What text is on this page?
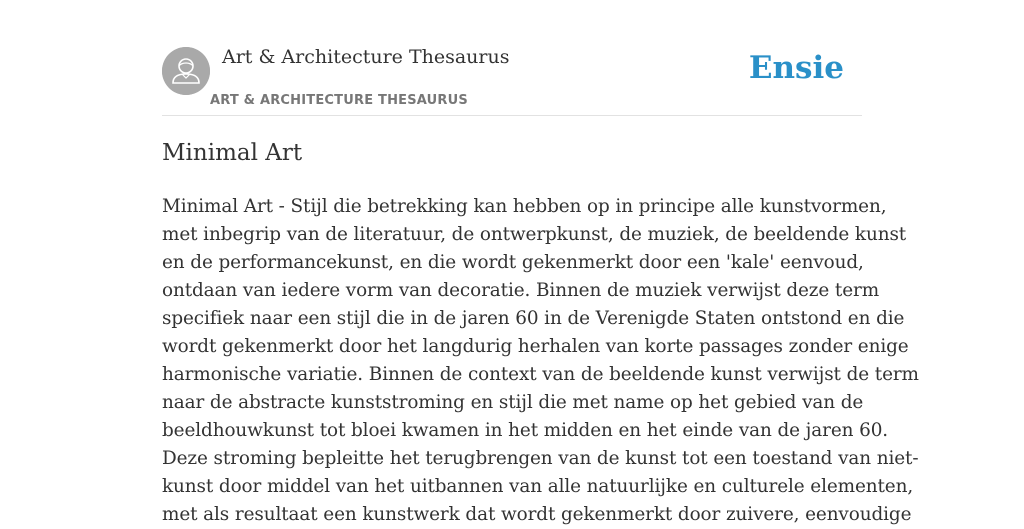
Art & Architecture Thesaurus
ART & ARCHITECTURE THESAURUS
Ensie
Minimal Art

Minimal Art - Stijl die betrekking kan hebben op in principe alle kunstvormen,
met inbegrip van de literatuur, de ontwerpkunst, de muziek, de beeldende kunst
en de performancekunst, en die wordt gekenmerkt door een 'kale' eenvoud,
ontdaan van iedere vorm van decoratie. Binnen de muziek verwijst deze term
specifiek naar een stijl die in de jaren 60 in de Verenigde Staten ontstond en die
wordt gekenmerkt door het langdurig herhalen van korte passages zonder enige
harmonische variatie. Binnen de context van de beeldende kunst verwijst de term
naar de abstracte kunststroming en stijl die met name op het gebied van de
beeldhouwkunst tot bloei kwamen in het midden en het einde van de jaren 60.
Deze stroming bepleitte het terugbrengen van de kunst tot een toestand van niet-
kunst door middel van het uitbannen van alle natuurlijke en culturele elementen,
met als resultaat een kunstwerk dat wordt gekenmerkt door zuivere, eenvoudige
